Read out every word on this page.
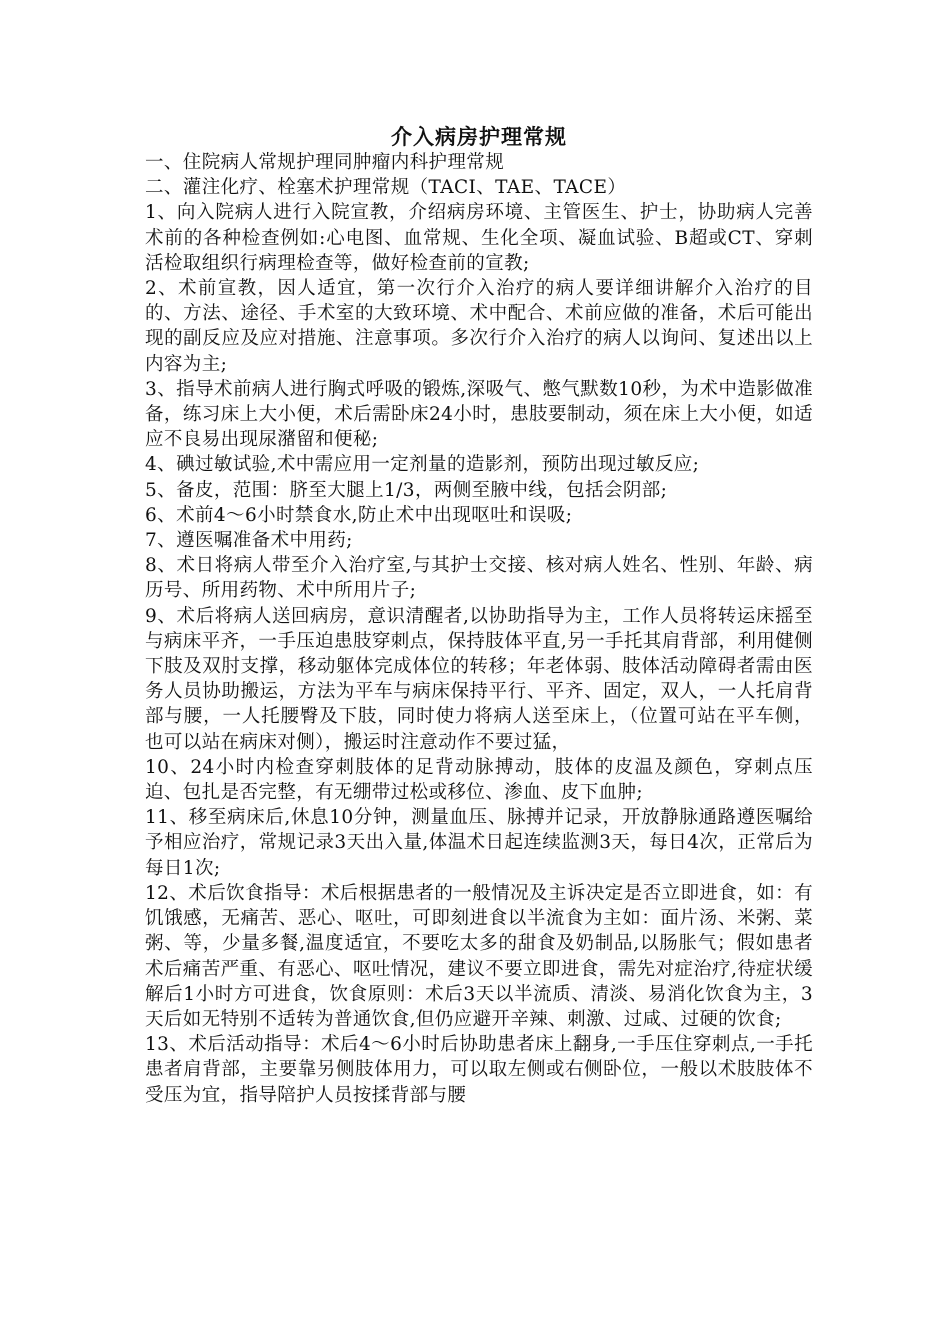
介入病房护理常规

一、住院病人常规护理同肿瘤内科护理常规

二、灌注化疗、栓塞术护理常规（TACI、TAE、TACE）

1、向入院病人进行入院宣教，介绍病房环境、主管医生、护士，协助病人完善术前的各种检查例如:心电图、血常规、生化全项、凝血试验、B超或CT、穿刺活检取组织行病理检查等，做好检查前的宣教;

2、术前宣教，因人适宜，第一次行介入治疗的病人要详细讲解介入治疗的目的、方法、途径、手术室的大致环境、术中配合、术前应做的准备，术后可能出现的副反应及应对措施、注意事项。多次行介入治疗的病人以询问、复述出以上内容为主;

3、指导术前病人进行胸式呼吸的锻炼,深吸气、憋气默数10秒，为术中造影做准备，练习床上大小便，术后需卧床24小时，患肢要制动，须在床上大小便，如适应不良易出现尿潴留和便秘;

4、碘过敏试验,术中需应用一定剂量的造影剂，预防出现过敏反应;

5、备皮，范围：脐至大腿上1/3，两侧至腋中线，包括会阴部;

6、术前4～6小时禁食水,防止术中出现呕吐和误吸;

7、遵医嘱准备术中用药;

8、术日将病人带至介入治疗室,与其护士交接、核对病人姓名、性别、年龄、病历号、所用药物、术中所用片子;

9、术后将病人送回病房，意识清醒者,以协助指导为主，工作人员将转运床摇至与病床平齐，一手压迫患肢穿刺点，保持肢体平直,另一手托其肩背部，利用健侧下肢及双肘支撑，移动躯体完成体位的转移；年老体弱、肢体活动障碍者需由医务人员协助搬运，方法为平车与病床保持平行、平齐、固定，双人，一人托肩背部与腰，一人托腰臀及下肢，同时使力将病人送至床上，（位置可站在平车侧，也可以站在病床对侧），搬运时注意动作不要过猛，

10、24小时内检查穿刺肢体的足背动脉搏动，肢体的皮温及颜色，穿刺点压迫、包扎是否完整，有无绷带过松或移位、渗血、皮下血肿;

11、移至病床后,休息10分钟，测量血压、脉搏并记录，开放静脉通路遵医嘱给予相应治疗，常规记录3天出入量,体温术日起连续监测3天，每日4次，正常后为每日1次;

12、术后饮食指导：术后根据患者的一般情况及主诉决定是否立即进食，如：有饥饿感，无痛苦、恶心、呕吐，可即刻进食以半流食为主如：面片汤、米粥、菜粥、等，少量多餐,温度适宜，不要吃太多的甜食及奶制品,以肠胀气；假如患者术后痛苦严重、有恶心、呕吐情况，建议不要立即进食，需先对症治疗,待症状缓解后1小时方可进食，饮食原则：术后3天以半流质、清淡、易消化饮食为主，3天后如无特别不适转为普通饮食,但仍应避开辛辣、刺激、过咸、过硬的饮食;

13、术后活动指导：术后4～6小时后协助患者床上翻身,一手压住穿刺点,一手托患者肩背部，主要靠另侧肢体用力，可以取左侧或右侧卧位，一般以术肢肢体不受压为宜，指导陪护人员按揉背部与腰
